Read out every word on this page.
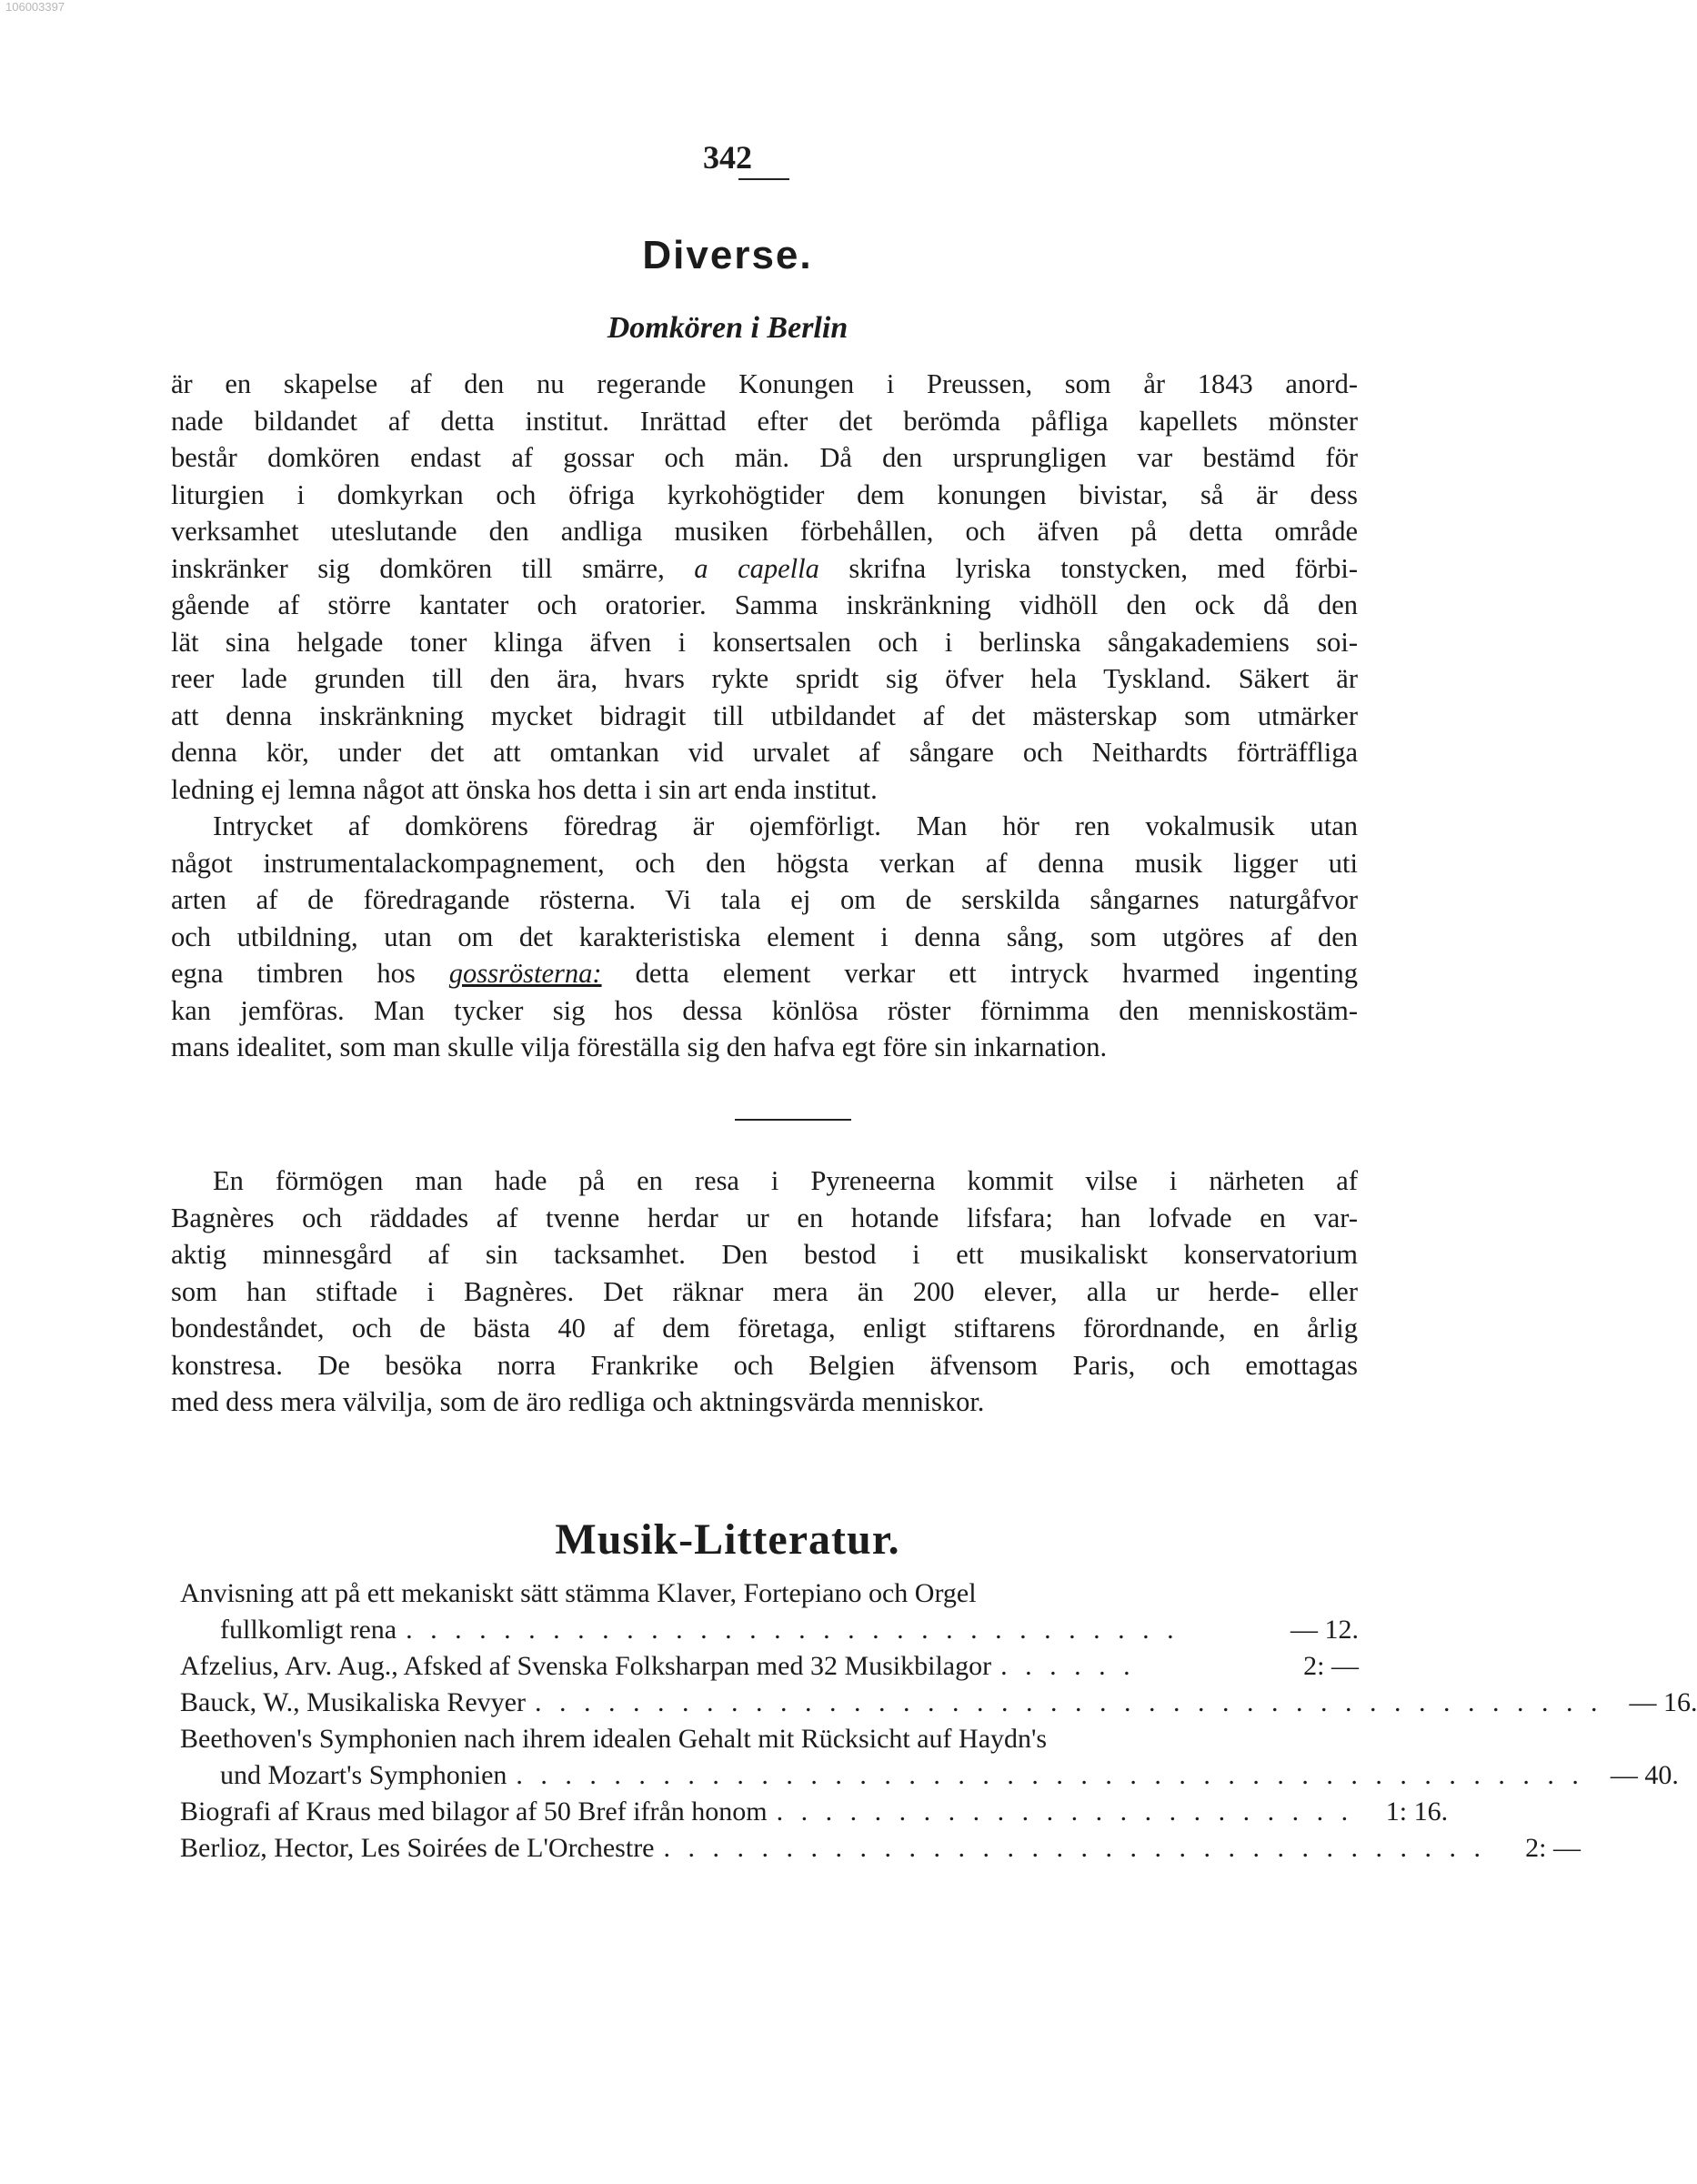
106003397
342
Diverse.
Domkören i Berlin
är en skapelse af den nu regerande Konungen i Preussen, som år 1843 anord-
nade bildandet af detta institut. Inrättad efter det berömda påfliga kapellets mönster
består domkören endast af gossar och män. Då den ursprungligen var bestämd för
liturgien i domkyrkan och öfriga kyrkohögtider dem konungen bivistar, så är dess
verksamhet uteslutande den andliga musiken förbehållen, och äfven på detta område
inskränker sig domkören till smärre, a capella skrifna lyriska tonstycken, med förbi-
gående af större kantater och oratorier. Samma inskränkning vidhöll den ock då den
lät sina helgade toner klinga äfven i konsertsalen och i berlinska sångakademiens soi-
reer lade grunden till den ära, hvars rykte spridt sig öfver hela Tyskland. Säkert är
att denna inskränkning mycket bidragit till utbildandet af det mästerskap som utmärker
denna kör, under det att omtankan vid urvalet af sångare och Neithardts förträffliga
ledning ej lemna något att önska hos detta i sin art enda institut.
Intrycket af domkörens föredrag är ojemförligt. Man hör ren vokalmusik utan
något instrumentalackompagnement, och den högsta verkan af denna musik ligger uti
arten af de föredragande rösterna. Vi tala ej om de serskilda sångarnes naturgåfvor
och utbildning, utan om det karakteristiska element i denna sång, som utgöres af den
egna timbren hos gossrösterna: detta element verkar ett intryck hvarmed ingenting
kan jemföras. Man tycker sig hos dessa könlösa röster förnimma den menniskostäm-
mans idealitet, som man skulle vilja föreställa sig den hafva egt före sin inkarnation.
En förmögen man hade på en resa i Pyreneerna kommit vilse i närheten af
Bagnères och räddades af tvenne herdar ur en hotande lifsfara; han lofvade en var-
aktig minnesgård af sin tacksamhet. Den bestod i ett musikaliskt konservatorium
som han stiftade i Bagnères. Det räknar mera än 200 elever, alla ur herde- eller
bondeståndet, och de bästa 40 af dem företaga, enligt stiftarens förordnande, en årlig
konstresa. De besöka norra Frankrike och Belgien äfvensom Paris, och emottagas
med dess mera välvilja, som de äro redliga och aktningsvärda menniskor.
Musik-Litteratur.
Anvisning att på ett mekaniskt sätt stämma Klaver, Fortepiano och Orgel
fullkomligt rena . . . . . . . . . . . . . . . . . . . . . . . . . . . . . . . .	— 12.
Afzelius, Arv. Aug., Afsked af Svenska Folksharpan med 32 Musikbilagor . . . . . .	2: —
Bauck, W., Musikaliska Revyer . . . . . . . . . . . . . . . . . . . . . . . . . . . . . . . . . . . . . . . . . . . . — 16.
Beethoven's Symphonien nach ihrem idealen Gehalt mit Rücksicht auf Haydn's
und Mozart's Symphonien . . . . . . . . . . . . . . . . . . . . . . . . . . . . . . . . . . . . . . . . . . . . — 40.
Biografi af Kraus med bilagor af 50 Bref ifrån honom . . . . . . . . . . . . . . . . . . . . . . . .	1: 16.
Berlioz, Hector, Les Soirées de L'Orchestre . . . . . . . . . . . . . . . . . . . . . . . . . . . . . . . . . .	2: —
